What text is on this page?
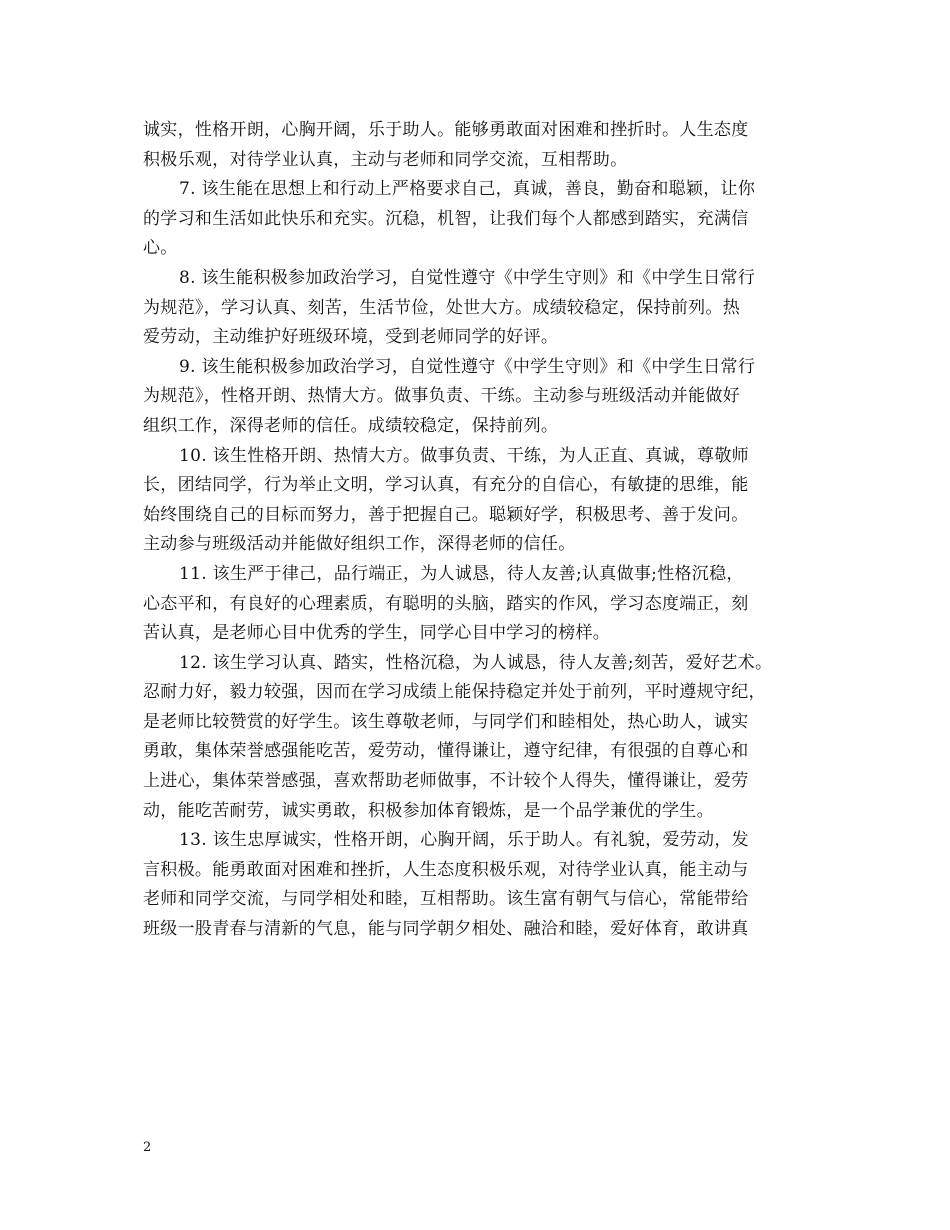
诚实，性格开朗，心胸开阔，乐于助人。能够勇敢面对困难和挫折时。人生态度
积极乐观，对待学业认真，主动与老师和同学交流，互相帮助。
7. 该生能在思想上和行动上严格要求自己，真诚，善良，勤奋和聪颖，让你
的学习和生活如此快乐和充实。沉稳，机智，让我们每个人都感到踏实，充满信
心。
8. 该生能积极参加政治学习，自觉性遵守《中学生守则》和《中学生日常行
为规范》，学习认真、刻苦，生活节俭，处世大方。成绩较稳定，保持前列。热
爱劳动，主动维护好班级环境，受到老师同学的好评。
9. 该生能积极参加政治学习，自觉性遵守《中学生守则》和《中学生日常行
为规范》，性格开朗、热情大方。做事负责、干练。主动参与班级活动并能做好
组织工作，深得老师的信任。成绩较稳定，保持前列。
10. 该生性格开朗、热情大方。做事负责、干练，为人正直、真诚，尊敬师
长，团结同学，行为举止文明，学习认真，有充分的自信心，有敏捷的思维，能
始终围绕自己的目标而努力，善于把握自己。聪颖好学，积极思考、善于发问。
主动参与班级活动并能做好组织工作，深得老师的信任。
11. 该生严于律己，品行端正，为人诚恳，待人友善;认真做事;性格沉稳，
心态平和，有良好的心理素质，有聪明的头脑，踏实的作风，学习态度端正，刻
苦认真，是老师心目中优秀的学生，同学心目中学习的榜样。
12. 该生学习认真、踏实，性格沉稳，为人诚恳，待人友善;刻苦，爱好艺术。
忍耐力好，毅力较强，因而在学习成绩上能保持稳定并处于前列，平时遵规守纪，
是老师比较赞赏的好学生。该生尊敬老师，与同学们和睦相处，热心助人，诚实
勇敢，集体荣誉感强能吃苦，爱劳动，懂得谦让，遵守纪律，有很强的自尊心和
上进心，集体荣誉感强，喜欢帮助老师做事，不计较个人得失，懂得谦让，爱劳
动，能吃苦耐劳，诚实勇敢，积极参加体育锻炼，是一个品学兼优的学生。
13. 该生忠厚诚实，性格开朗，心胸开阔，乐于助人。有礼貌，爱劳动，发
言积极。能勇敢面对困难和挫折，人生态度积极乐观，对待学业认真，能主动与
老师和同学交流，与同学相处和睦，互相帮助。该生富有朝气与信心，常能带给
班级一股青春与清新的气息，能与同学朝夕相处、融洽和睦，爱好体育，敢讲真
2
